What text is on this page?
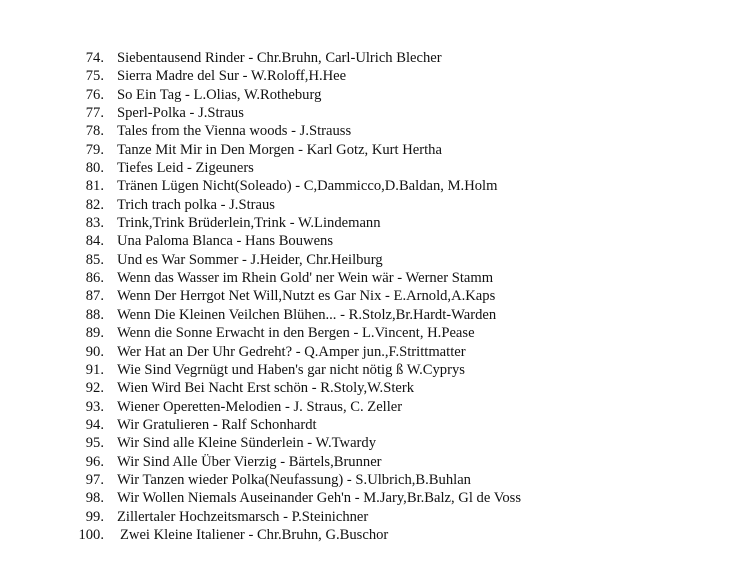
74. Siebentausend Rinder - Chr.Bruhn, Carl-Ulrich Blecher
75. Sierra Madre del Sur - W.Roloff,H.Hee
76. So Ein Tag - L.Olias, W.Rotheburg
77. Sperl-Polka - J.Straus
78. Tales from the Vienna woods - J.Strauss
79. Tanze Mit Mir in Den Morgen - Karl Gotz, Kurt Hertha
80. Tiefes Leid - Zigeuners
81. Tränen Lügen Nicht(Soleado) - C,Dammicco,D.Baldan, M.Holm
82. Trich trach polka - J.Straus
83. Trink,Trink Brüderlein,Trink - W.Lindemann
84. Una Paloma Blanca - Hans Bouwens
85. Und es War Sommer - J.Heider, Chr.Heilburg
86. Wenn das Wasser im Rhein Gold' ner Wein wär - Werner Stamm
87. Wenn Der Herrgot Net Will,Nutzt es Gar Nix - E.Arnold,A.Kaps
88. Wenn Die Kleinen Veilchen Blühen... - R.Stolz,Br.Hardt-Warden
89. Wenn die Sonne Erwacht in den Bergen - L.Vincent, H.Pease
90. Wer Hat an Der Uhr Gedreht? - Q.Amper jun.,F.Strittmatter
91. Wie Sind Vegrnügt und Haben's gar nicht nötig ß W.Cyprys
92. Wien Wird Bei Nacht Erst schön - R.Stoly,W.Sterk
93. Wiener Operetten-Melodien - J. Straus, C. Zeller
94. Wir Gratulieren - Ralf Schonhardt
95. Wir Sind alle Kleine Sünderlein - W.Twardy
96. Wir Sind Alle Über Vierzig - Bärtels,Brunner
97. Wir Tanzen wieder Polka(Neufassung) - S.Ulbrich,B.Buhlan
98. Wir Wollen Niemals Auseinander Geh'n - M.Jary,Br.Balz, Gl de Voss
99. Zillertaler Hochzeitsmarsch - P.Steinichner
100. Zwei Kleine Italiener - Chr.Bruhn, G.Buschor
